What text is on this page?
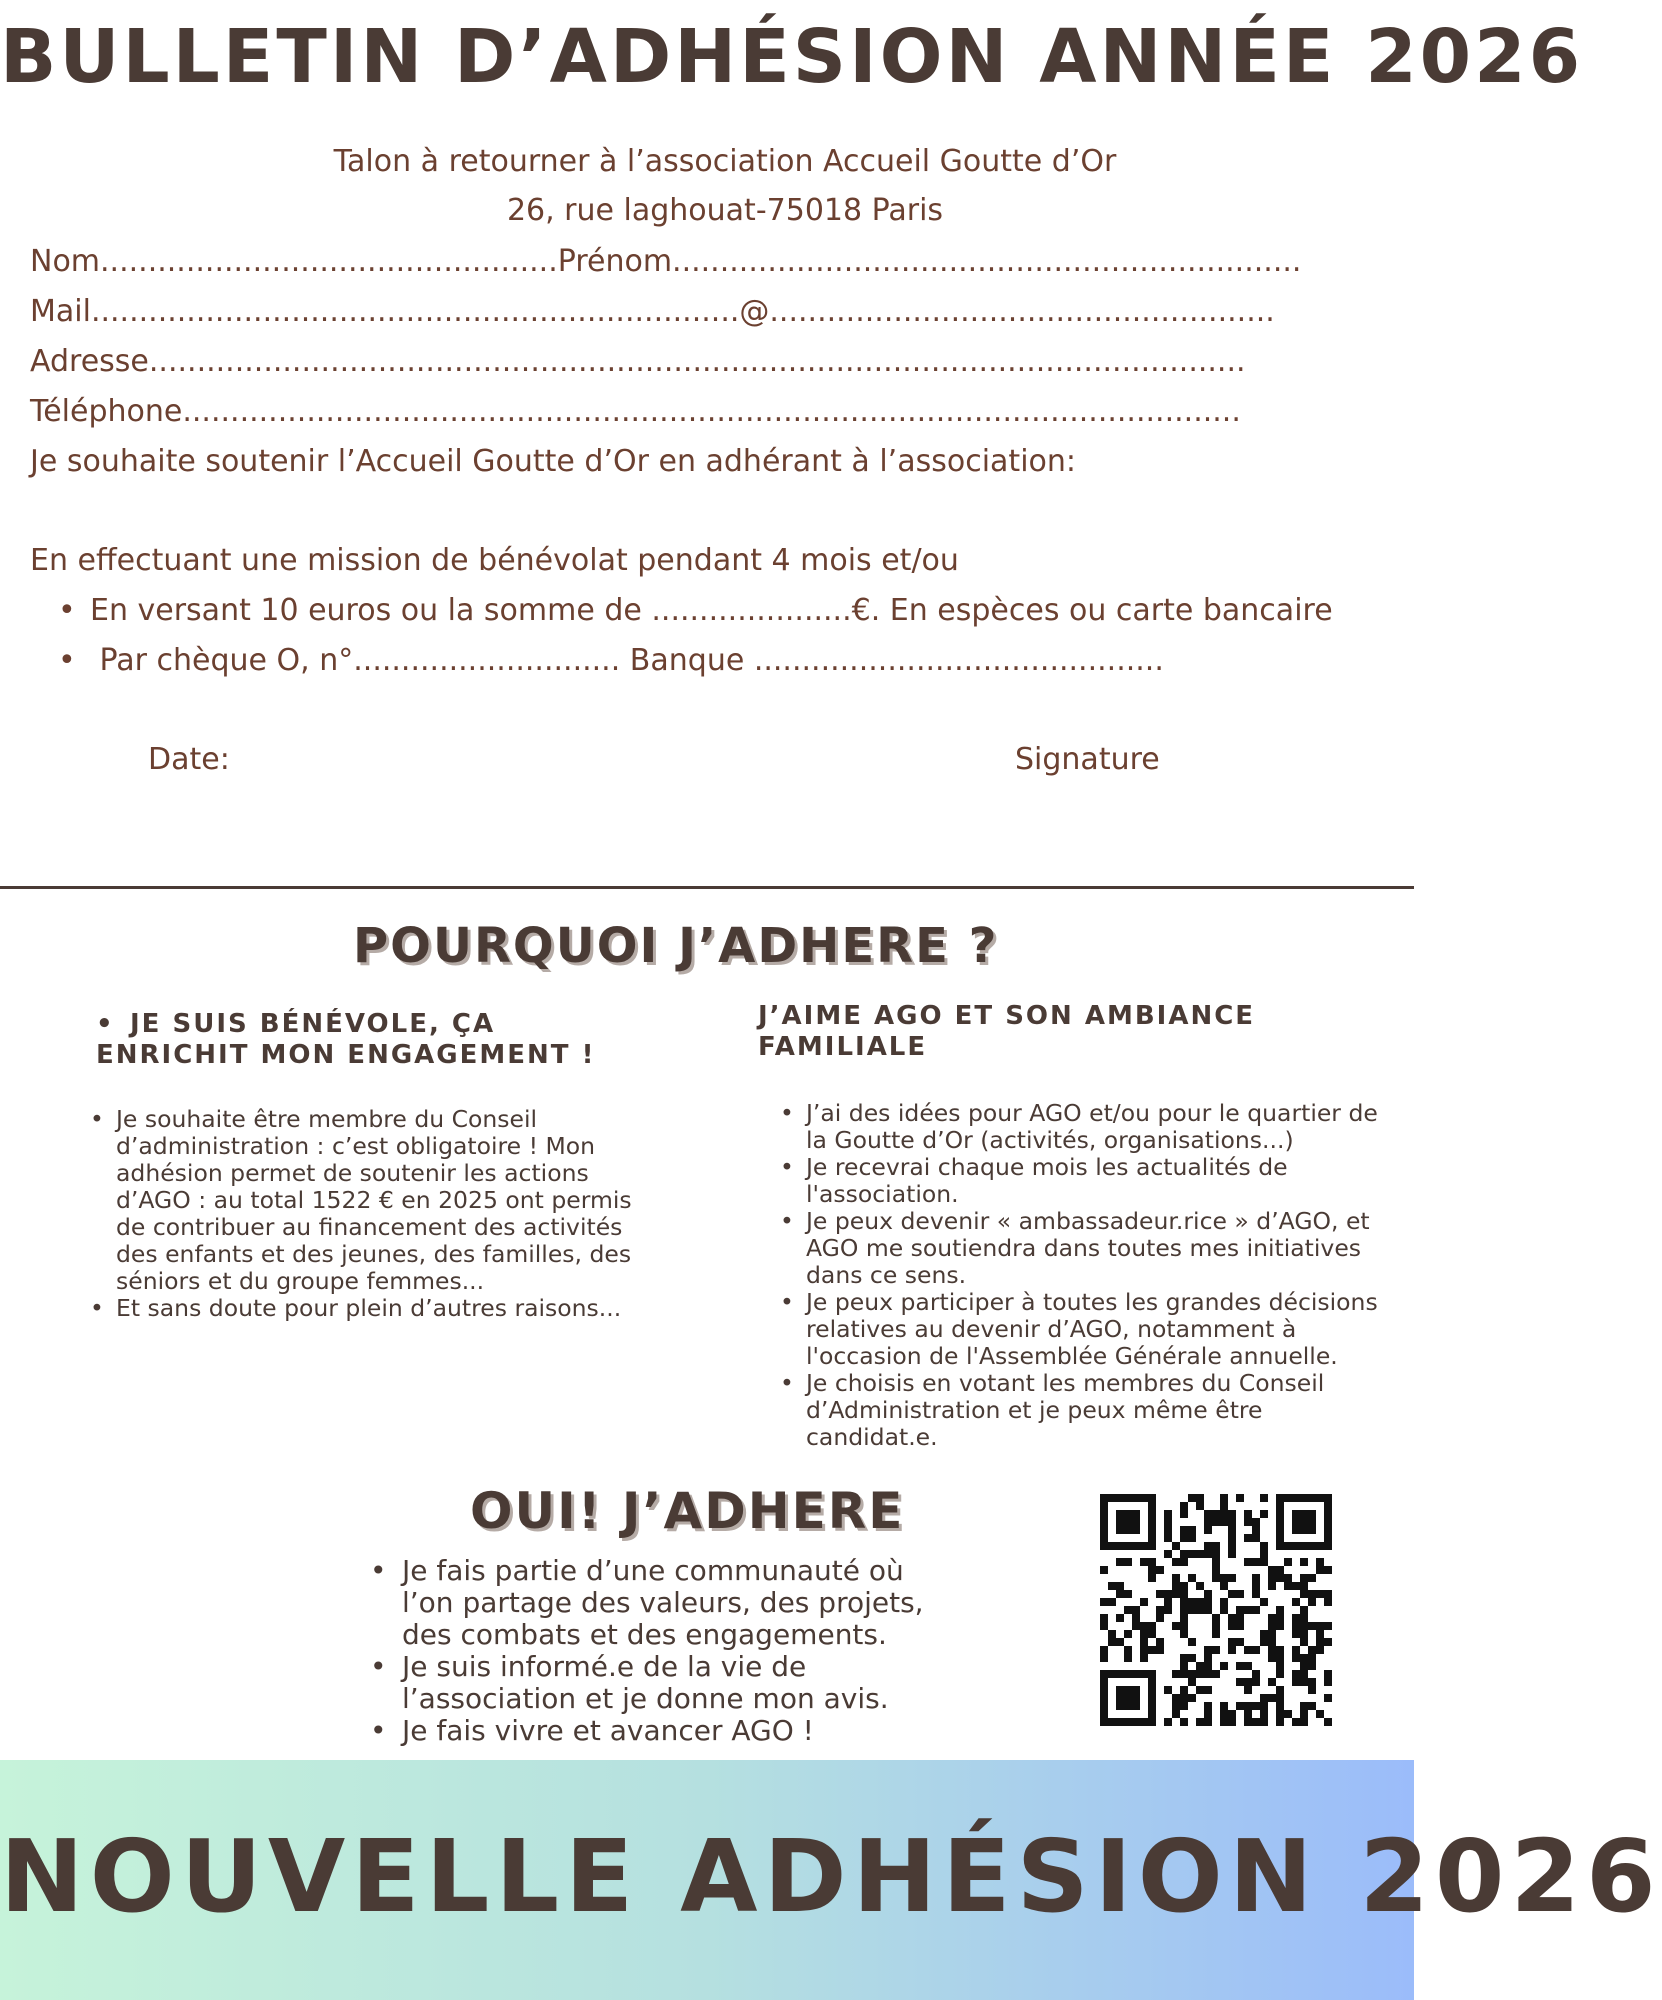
BULLETIN D’ADHÉSION ANNÉE 2026
Talon à retourner à l’association Accueil Goutte d’Or
26, rue laghouat-75018 Paris
Nom................................................Prénom..................................................................
Mail....................................................................@.....................................................
Adresse...................................................................................................................
Téléphone...............................................................................................................
Je souhaite soutenir l’Accueil Goutte d’Or en adhérant à l’association:
En effectuant une mission de bénévolat pendant 4 mois et/ou
• En versant 10 euros ou la somme de .....................€. En espèces ou carte bancaire
• Par chèque O, n°............................ Banque ...........................................
Date:	Signature
POURQUOI J’ADHERE ?
• JE SUIS BÉNÉVOLE, ÇA ENRICHIT MON ENGAGEMENT !
• Je souhaite être membre du Conseil d’administration : c’est obligatoire ! Mon adhésion permet de soutenir les actions d’AGO : au total 1522 € en 2025 ont permis de contribuer au financement des activités des enfants et des jeunes, des familles, des séniors et du groupe femmes...
• Et sans doute pour plein d’autres raisons...
J’AIME AGO ET SON AMBIANCE FAMILIALE
• J’ai des idées pour AGO et/ou pour le quartier de la Goutte d’Or (activités, organisations...)
• Je recevrai chaque mois les actualités de l'association.
• Je peux devenir « ambassadeur.rice » d’AGO, et AGO me soutiendra dans toutes mes initiatives dans ce sens.
• Je peux participer à toutes les grandes décisions relatives au devenir d’AGO, notamment à l'occasion de l'Assemblée Générale annuelle.
• Je choisis en votant les membres du Conseil d’Administration et je peux même être candidat.e.
OUI! J’ADHERE
• Je fais partie d’une communauté où l’on partage des valeurs, des projets, des combats et des engagements.
• Je suis informé.e de la vie de l’association et je donne mon avis.
• Je fais vivre et avancer AGO !
NOUVELLE ADHÉSION 2026
